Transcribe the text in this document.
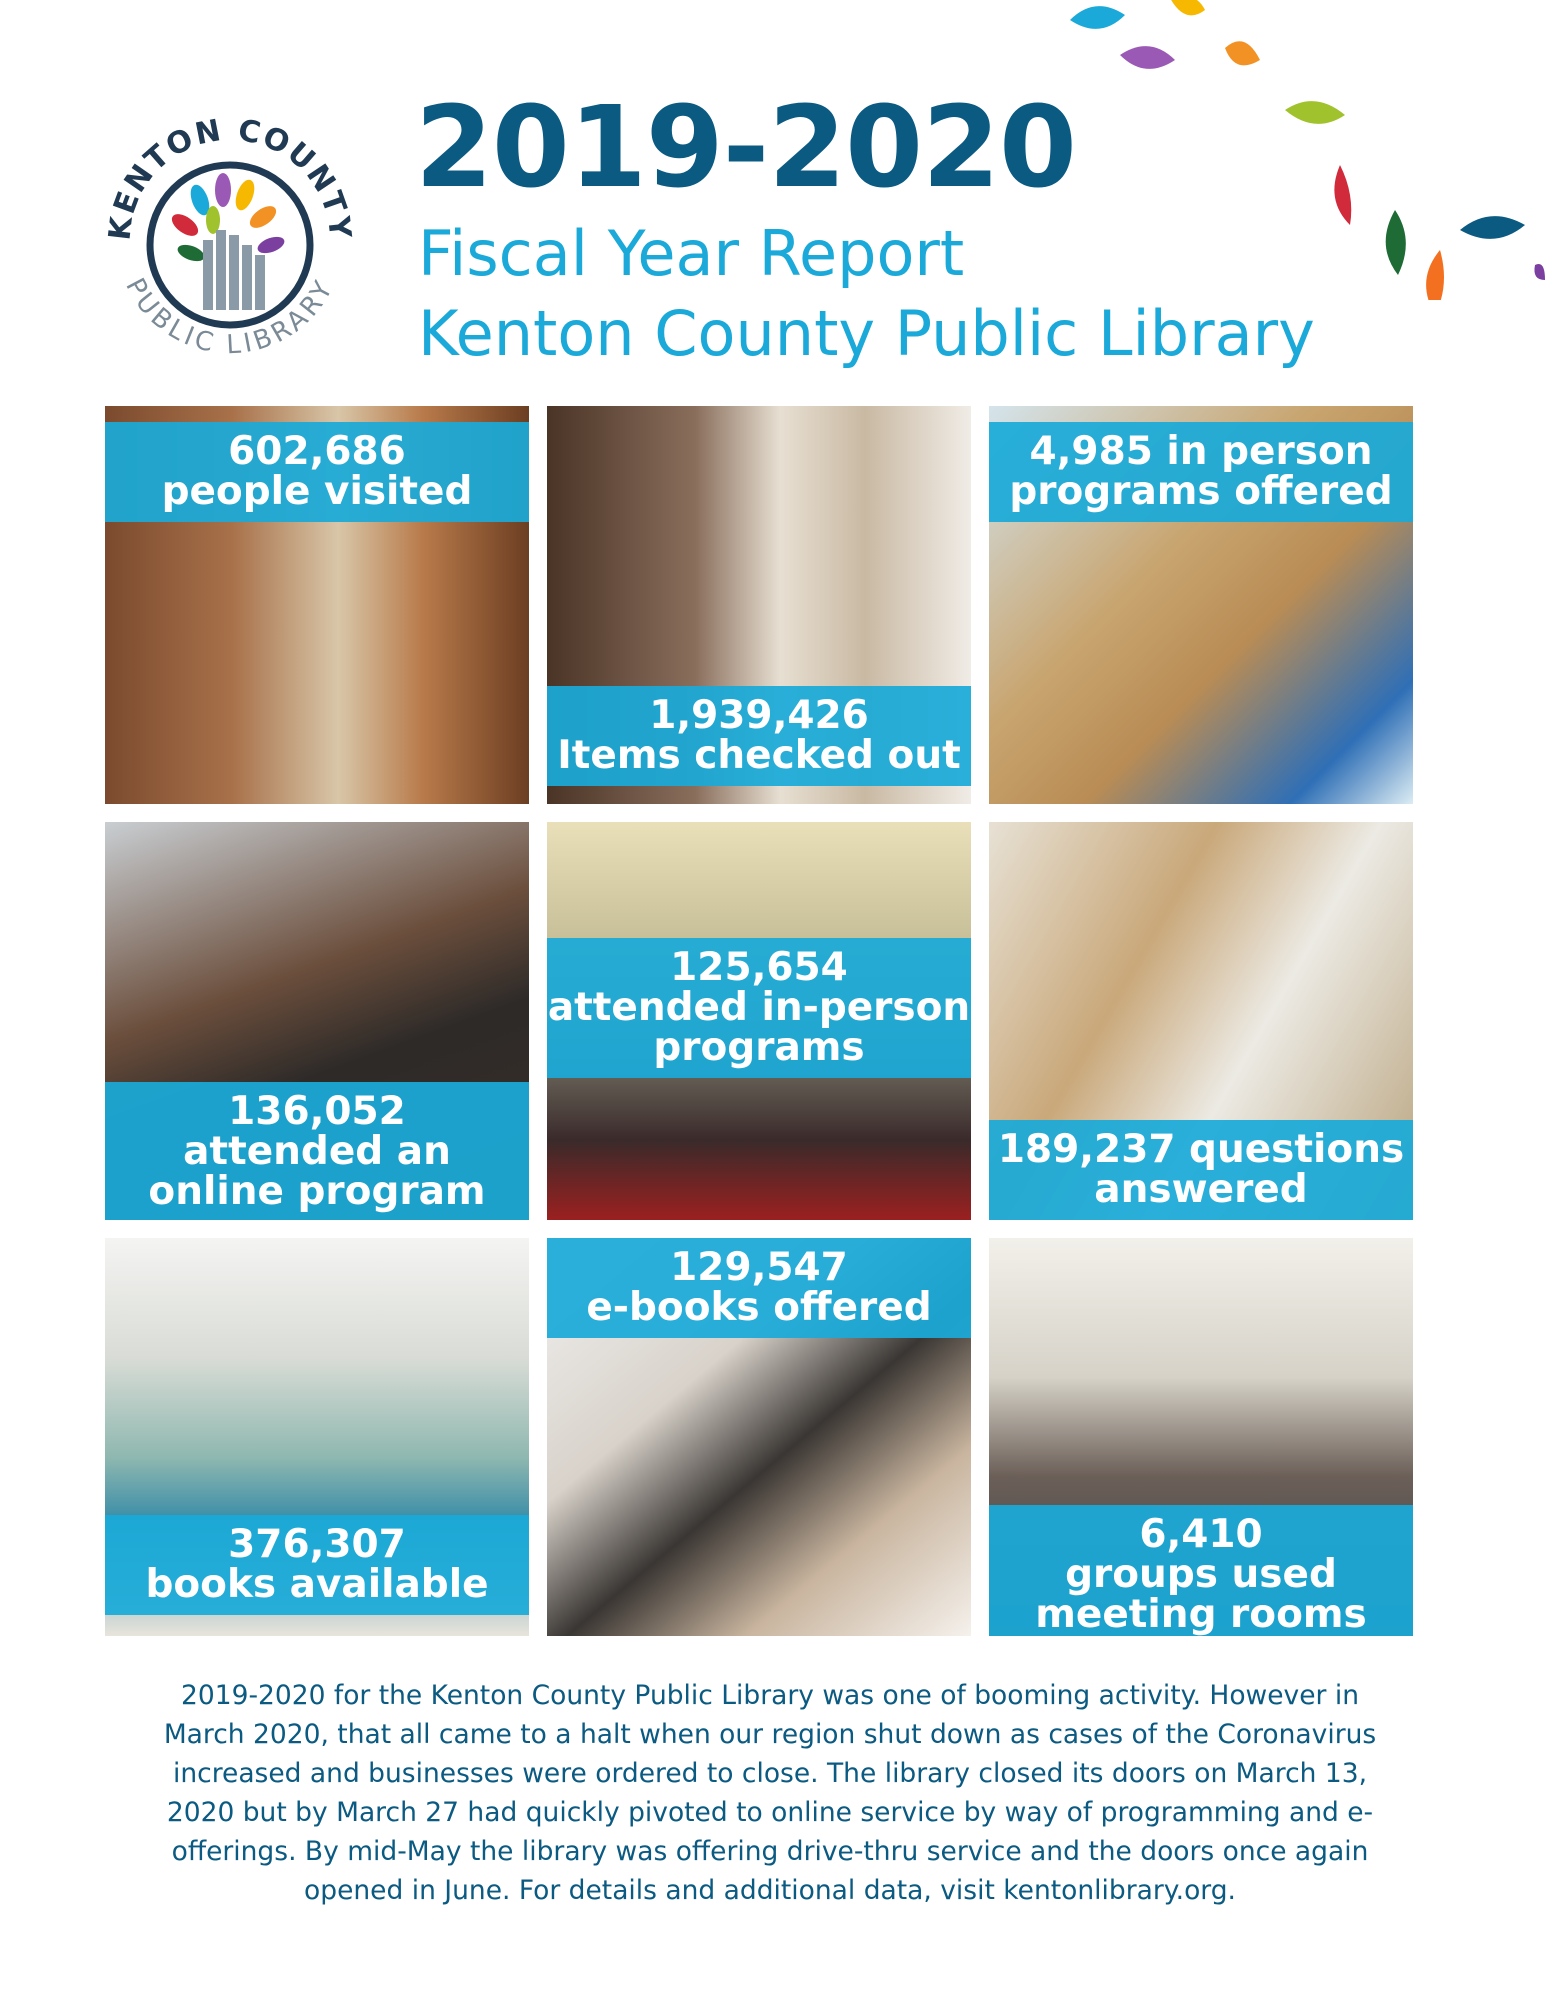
KENTON COUNTY
PUBLIC LIBRARY
2019-2020
Fiscal Year Report
Kenton County Public Library
602,686
people visited
1,939,426
Items checked out
4,985 in person
programs offered
136,052
attended an
online program
125,654
attended in-person
programs
189,237 questions
answered
376,307
books available
129,547
e-books offered
6,410
groups used
meeting rooms

2019-2020 for the Kenton County Public Library was one of booming activity. However in
March 2020, that all came to a halt when our region shut down as cases of the Coronavirus
increased and businesses were ordered to close. The library closed its doors on March 13,
2020 but by March 27 had quickly pivoted to online service by way of programming and e-
offerings. By mid-May the library was offering drive-thru service and the doors once again
opened in June. For details and additional data, visit kentonlibrary.org.
